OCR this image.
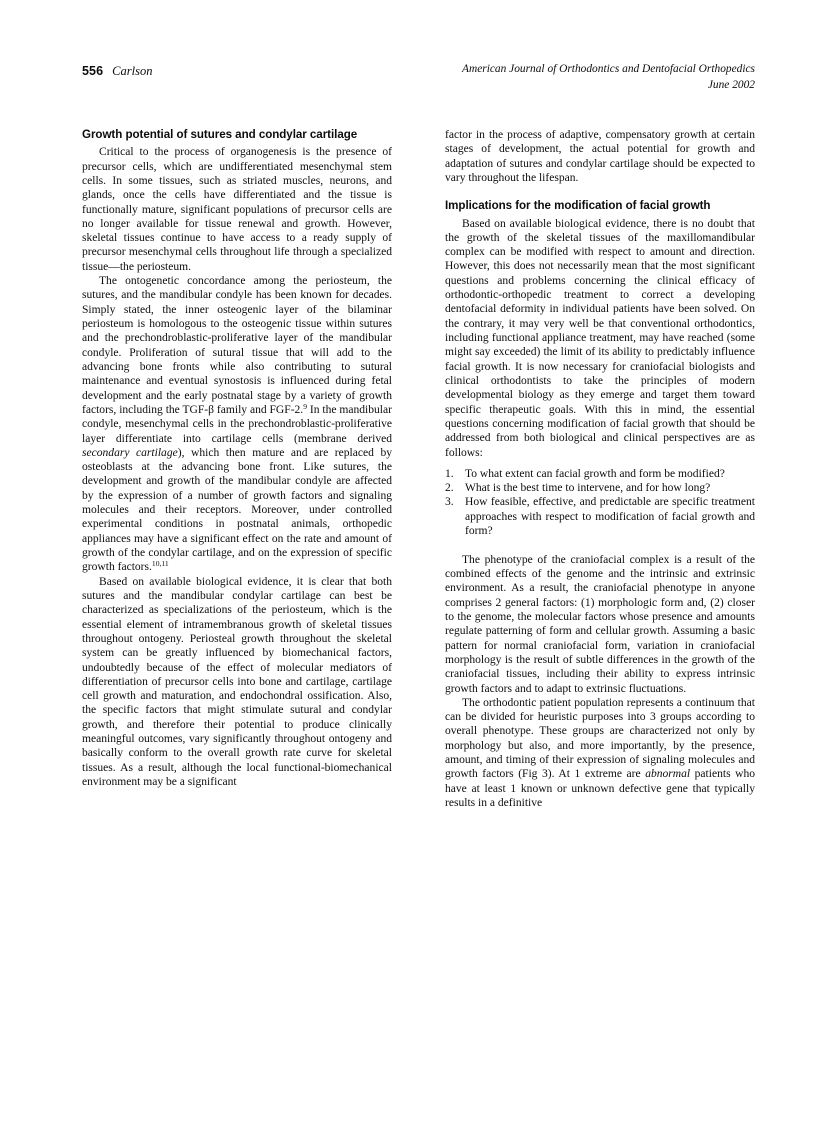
556 Carlson	American Journal of Orthodontics and Dentofacial Orthopedics
June 2002
Growth potential of sutures and condylar cartilage

Critical to the process of organogenesis is the presence of precursor cells, which are undifferentiated mesenchymal stem cells. In some tissues, such as striated muscles, neurons, and glands, once the cells have differentiated and the tissue is functionally mature, significant populations of precursor cells are no longer available for tissue renewal and growth. However, skeletal tissues continue to have access to a ready supply of precursor mesenchymal cells throughout life through a specialized tissue—the periosteum.

The ontogenetic concordance among the periosteum, the sutures, and the mandibular condyle has been known for decades. Simply stated, the inner osteogenic layer of the bilaminar periosteum is homologous to the osteogenic tissue within sutures and the prechondroblastic-proliferative layer of the mandibular condyle. Proliferation of sutural tissue that will add to the advancing bone fronts while also contributing to sutural maintenance and eventual synostosis is influenced during fetal development and the early postnatal stage by a variety of growth factors, including the TGF-β family and FGF-2.$^9$ In the mandibular condyle, mesenchymal cells in the prechondroblastic-proliferative layer differentiate into cartilage cells (membrane derived secondary cartilage), which then mature and are replaced by osteoblasts at the advancing bone front. Like sutures, the development and growth of the mandibular condyle are affected by the expression of a number of growth factors and signaling molecules and their receptors. Moreover, under controlled experimental conditions in postnatal animals, orthopedic appliances may have a significant effect on the rate and amount of growth of the condylar cartilage, and on the expression of specific growth factors.$^{10,11}$

Based on available biological evidence, it is clear that both sutures and the mandibular condylar cartilage can best be characterized as specializations of the periosteum, which is the essential element of intramembranous growth of skeletal tissues throughout ontogeny. Periosteal growth throughout the skeletal system can be greatly influenced by biomechanical factors, undoubtedly because of the effect of molecular mediators of differentiation of precursor cells into bone and cartilage, cartilage cell growth and maturation, and endochondral ossification. Also, the specific factors that might stimulate sutural and condylar growth, and therefore their potential to produce clinically meaningful outcomes, vary significantly throughout ontogeny and basically conform to the overall growth rate curve for skeletal tissues. As a result, although the local functional-biomechanical environment may be a significant

factor in the process of adaptive, compensatory growth at certain stages of development, the actual potential for growth and adaptation of sutures and condylar cartilage should be expected to vary throughout the lifespan.

Implications for the modification of facial growth

Based on available biological evidence, there is no doubt that the growth of the skeletal tissues of the maxillomandibular complex can be modified with respect to amount and direction. However, this does not necessarily mean that the most significant questions and problems concerning the clinical efficacy of orthodontic-orthopedic treatment to correct a developing dentofacial deformity in individual patients have been solved. On the contrary, it may very well be that conventional orthodontics, including functional appliance treatment, may have reached (some might say exceeded) the limit of its ability to predictably influence facial growth. It is now necessary for craniofacial biologists and clinical orthodontists to take the principles of modern developmental biology as they emerge and target them toward specific therapeutic goals. With this in mind, the essential questions concerning modification of facial growth that should be addressed from both biological and clinical perspectives are as follows:

To what extent can facial growth and form be modified?
What is the best time to intervene, and for how long?
How feasible, effective, and predictable are specific treatment approaches with respect to modification of facial growth and form?

The phenotype of the craniofacial complex is a result of the combined effects of the genome and the intrinsic and extrinsic environment. As a result, the craniofacial phenotype in anyone comprises 2 general factors: (1) morphologic form and, (2) closer to the genome, the molecular factors whose presence and amounts regulate patterning of form and cellular growth. Assuming a basic pattern for normal craniofacial form, variation in craniofacial morphology is the result of subtle differences in the growth of the craniofacial tissues, including their ability to express intrinsic growth factors and to adapt to extrinsic fluctuations.

The orthodontic patient population represents a continuum that can be divided for heuristic purposes into 3 groups according to overall phenotype. These groups are characterized not only by morphology but also, and more importantly, by the presence, amount, and timing of their expression of signaling molecules and growth factors (Fig 3). At 1 extreme are abnormal patients who have at least 1 known or unknown defective gene that typically results in a definitive
